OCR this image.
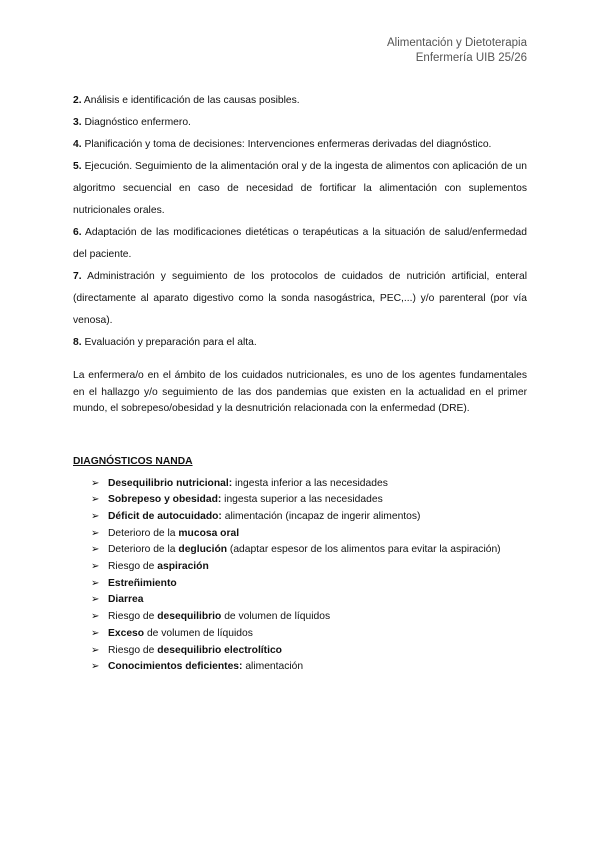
Alimentación y Dietoterapia
Enfermería UIB 25/26

2. Análisis e identificación de las causas posibles.

3. Diagnóstico enfermero.

4. Planificación y toma de decisiones: Intervenciones enfermeras derivadas del diagnóstico.

5. Ejecución. Seguimiento de la alimentación oral y de la ingesta de alimentos con aplicación de un algoritmo secuencial en caso de necesidad de fortificar la alimentación con suplementos nutricionales orales.

6. Adaptación de las modificaciones dietéticas o terapéuticas a la situación de salud/enfermedad del paciente.

7. Administración y seguimiento de los protocolos de cuidados de nutrición artificial, enteral (directamente al aparato digestivo como la sonda nasogástrica, PEC,...) y/o parenteral (por vía venosa).

8. Evaluación y preparación para el alta.

La enfermera/o en el ámbito de los cuidados nutricionales, es uno de los agentes fundamentales en el hallazgo y/o seguimiento de las dos pandemias que existen en la actualidad en el primer mundo, el sobrepeso/obesidad y la desnutrición relacionada con la enfermedad (DRE).

DIAGNÓSTICOS NANDA
➢ Desequilibrio nutricional: ingesta inferior a las necesidades
➢ Sobrepeso y obesidad: ingesta superior a las necesidades
➢ Déficit de autocuidado: alimentación (incapaz de ingerir alimentos)
➢ Deterioro de la mucosa oral
➢ Deterioro de la deglución (adaptar espesor de los alimentos para evitar la aspiración)
➢ Riesgo de aspiración
➢ Estreñimiento
➢ Diarrea
➢ Riesgo de desequilibrio de volumen de líquidos
➢ Exceso de volumen de líquidos
➢ Riesgo de desequilibrio electrolítico
➢ Conocimientos deficientes: alimentación
